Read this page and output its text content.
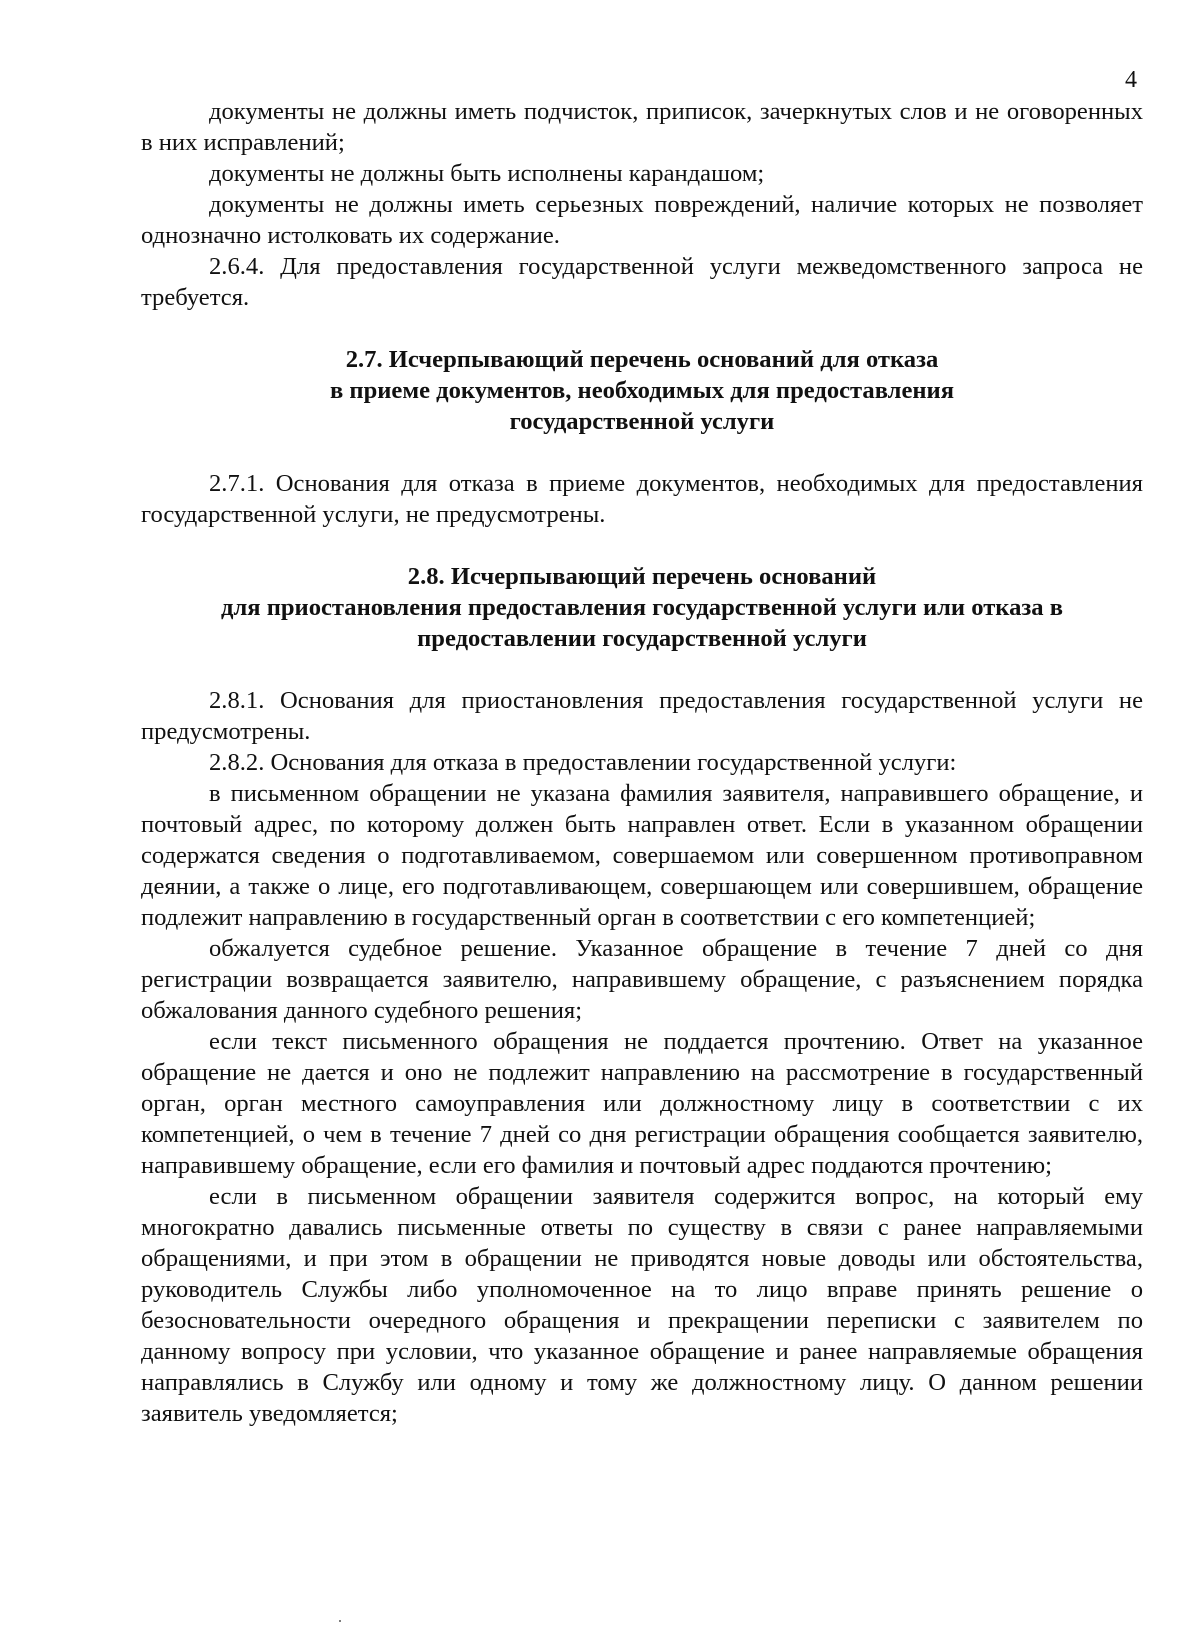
4

документы не должны иметь подчисток, приписок, зачеркнутых слов и не оговоренных в них исправлений;

документы не должны быть исполнены карандашом;

документы не должны иметь серьезных повреждений, наличие которых не позволяет однозначно истолковать их содержание.

2.6.4. Для предоставления государственной услуги межведомственного запроса не требуется.

2.7. Исчерпывающий перечень оснований для отказа
в приеме документов, необходимых для предоставления
государственной услуги

2.7.1. Основания для отказа в приеме документов, необходимых для предоставления государственной услуги, не предусмотрены.

2.8. Исчерпывающий перечень оснований
для приостановления предоставления государственной услуги или отказа в
предоставлении государственной услуги

2.8.1. Основания для приостановления предоставления государственной услуги не предусмотрены.

2.8.2. Основания для отказа в предоставлении государственной услуги:

в письменном обращении не указана фамилия заявителя, направившего обращение, и почтовый адрес, по которому должен быть направлен ответ. Если в указанном обращении содержатся сведения о подготавливаемом, совершаемом или совершенном противоправном деянии, а также о лице, его подготавливающем, совершающем или совершившем, обращение подлежит направлению в государственный орган в соответствии с его компетенцией;

обжалуется судебное решение. Указанное обращение в течение 7 дней со дня регистрации возвращается заявителю, направившему обращение, с разъяснением порядка обжалования данного судебного решения;

если текст письменного обращения не поддается прочтению. Ответ на указанное обращение не дается и оно не подлежит направлению на рассмотрение в государственный орган, орган местного самоуправления или должностному лицу в соответствии с их компетенцией, о чем в течение 7 дней со дня регистрации обращения сообщается заявителю, направившему обращение, если его фамилия и почтовый адрес поддаются прочтению;

если в письменном обращении заявителя содержится вопрос, на который ему многократно давались письменные ответы по существу в связи с ранее направляемыми обращениями, и при этом в обращении не приводятся новые доводы или обстоятельства, руководитель Службы либо уполномоченное на то лицо вправе принять решение о безосновательности очередного обращения и прекращении переписки с заявителем по данному вопросу при условии, что указанное обращение и ранее направляемые обращения направлялись в Службу или одному и тому же должностному лицу. О данном решении заявитель уведомляется;
